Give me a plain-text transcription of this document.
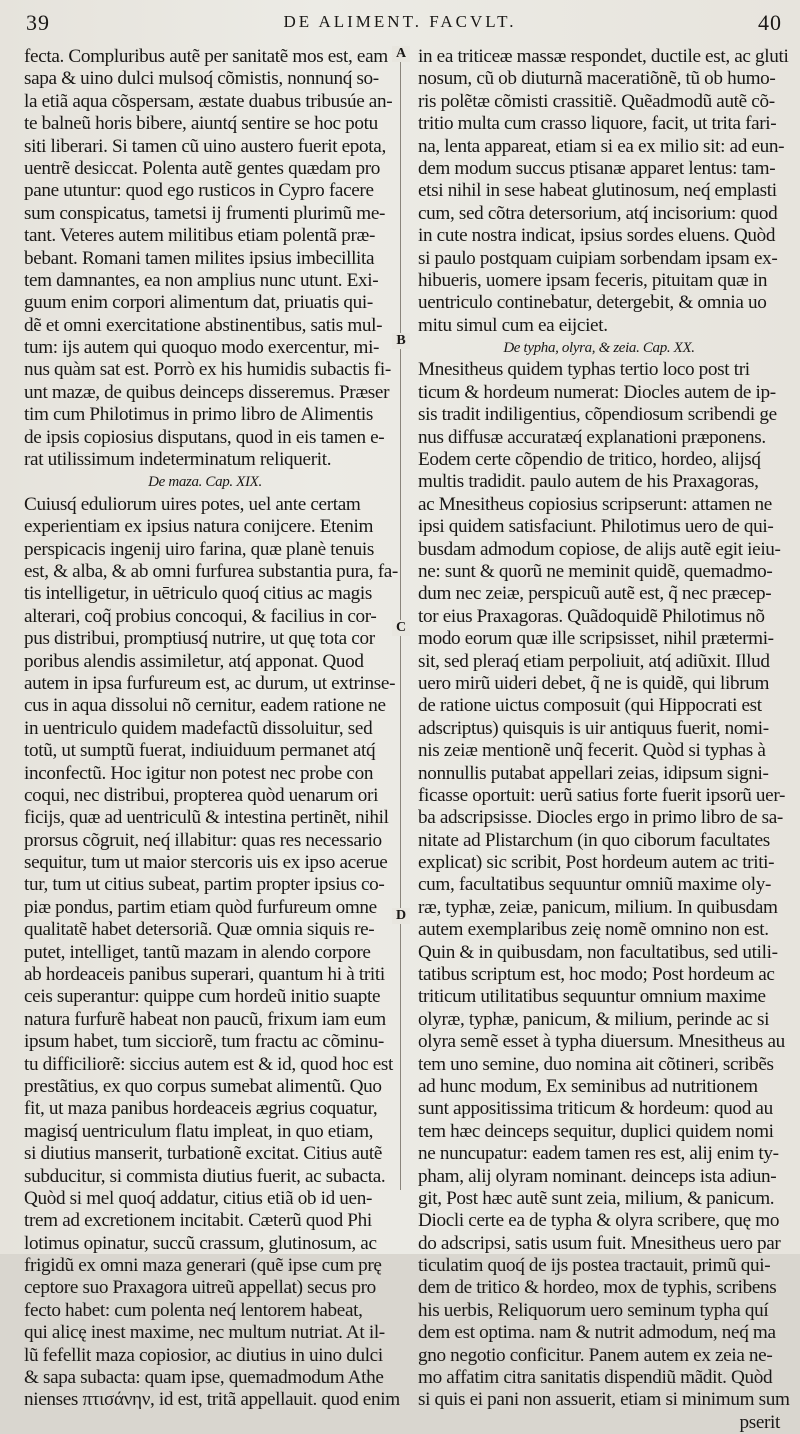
39	DE ALIMENT. FACVLT.	40
A
B
C
D
fecta. Compluribus autẽ per sanitatẽ mos est, eam
sapa & uino dulci mulsoq́ cõmistis, nonnunq́ so-
la etiã aqua cõspersam, æstate duabus tribusúe an-
te balneũ horis bibere, aiuntq́ sentire se hoc potu
siti liberari. Si tamen cũ uino austero fuerit epota,
uentrẽ desiccat. Polenta autẽ gentes quædam pro
pane utuntur: quod ego rusticos in Cypro facere
sum conspicatus, tametsi ij frumenti plurimũ me-
tant. Veteres autem militibus etiam polentã præ-
bebant. Romani tamen milites ipsius imbecillita
tem damnantes, ea non amplius nunc utunt. Exi-
guum enim corpori alimentum dat, priuatis qui-
dẽ et omni exercitatione abstinentibus, satis mul-
tum: ijs autem qui quoquo modo exercentur, mi-
nus quàm sat est. Porrò ex his humidis subactis fi-
unt mazæ, de quibus deinceps disseremus. Præser
tim cum Philotimus in primo libro de Alimentis
de ipsis copiosius disputans, quod in eis tamen e-
rat utilissimum indeterminatum reliquerit.
De maza. Cap. XIX.
Cuiusq́ eduliorum uires potes, uel ante certam
experientiam ex ipsius natura conijcere. Etenim
perspicacis ingenij uiro farina, quæ planè tenuis
est, & alba, & ab omni furfurea substantia pura, fa-
tis intelligetur, in uētriculo quoq́ citius ac magis
alterari, coq̃ probius concoqui, & facilius in cor-
pus distribui, promptiusq́ nutrire, ut quę tota cor
poribus alendis assimiletur, atq́ apponat. Quod
autem in ipsa furfureum est, ac durum, ut extrinse-
cus in aqua dissolui nõ cernitur, eadem ratione ne
in uentriculo quidem madefactũ dissoluitur, sed
totũ, ut sumptũ fuerat, indiuiduum permanet atq́
inconfectũ. Hoc igitur non potest nec probe con
coqui, nec distribui, propterea quòd uenarum ori
ficijs, quæ ad uentriculũ & intestina pertinẽt, nihil
prorsus cõgruit, neq́ illabitur: quas res necessario
sequitur, tum ut maior stercoris uis ex ipso acerue
tur, tum ut citius subeat, partim propter ipsius co-
piæ pondus, partim etiam quòd furfureum omne
qualitatẽ habet detersoriã. Quæ omnia siquis re-
putet, intelliget, tantũ mazam in alendo corpore
ab hordeaceis panibus superari, quantum hi à triti
ceis superantur: quippe cum hordeũ initio suapte
natura furfurẽ habeat non paucũ, frixum iam eum
ipsum habet, tum sicciorẽ, tum fractu ac cõminu-
tu difficiliorẽ: siccius autem est & id, quod hoc est
prestãtius, ex quo corpus sumebat alimentũ. Quo
fit, ut maza panibus hordeaceis ægrius coquatur,
magisq́ uentriculum flatu impleat, in quo etiam,
si diutius manserit, turbationẽ excitat. Citius autẽ
subducitur, si commista diutius fuerit, ac subacta.
Quòd si mel quoq́ addatur, citius etiã ob id uen-
trem ad excretionem incitabit. Cæterũ quod Phi
lotimus opinatur, succũ crassum, glutinosum, ac
frigidũ ex omni maza generari (quẽ ipse cum prę
ceptore suo Praxagora uitreũ appellat) secus pro
fecto habet: cum polenta neq́ lentorem habeat,
qui alicę inest maxime, nec multum nutriat. At il-
lũ fefellit maza copiosior, ac diutius in uino dulci
& sapa subacta: quam ipse, quemadmodum Athe
nienses πτισάνην, id est, tritã appellauit. quod enim
in ea triticeæ massæ respondet, ductile est, ac gluti
nosum, cũ ob diuturnã maceratiõnẽ, tũ ob humo-
ris polẽtæ cõmisti crassitiẽ. Quẽadmodũ autẽ cõ-
tritio multa cum crasso liquore, facit, ut trita fari-
na, lenta appareat, etiam si ea ex milio sit: ad eun-
dem modum succus ptisanæ apparet lentus: tam-
etsi nihil in sese habeat glutinosum, neq́ emplasti
cum, sed cõtra detersorium, atq́ incisorium: quod
in cute nostra indicat, ipsius sordes eluens. Quòd
si paulo postquam cuipiam sorbendam ipsam ex-
hibueris, uomere ipsam feceris, pituitam quæ in
uentriculo continebatur, detergebit, & omnia uo
mitu simul cum ea eijciet.
De typha, olyra, & zeia. Cap. XX.
Mnesitheus quidem typhas tertio loco post tri
ticum & hordeum numerat: Diocles autem de ip-
sis tradit indiligentius, cõpendiosum scribendi ge
nus diffusæ accuratæq́ explanationi præponens.
Eodem certe cõpendio de tritico, hordeo, alijsq́
multis tradidit. paulo autem de his Praxagoras,
ac Mnesitheus copiosius scripserunt: attamen ne
ipsi quidem satisfaciunt. Philotimus uero de qui-
busdam admodum copiose, de alijs autẽ egit ieiu-
ne: sunt & quorũ ne meminit quidẽ, quemadmo-
dum nec zeiæ, perspicuũ autẽ est, q̃ nec præcep-
tor eius Praxagoras. Quãdoquidẽ Philotimus nõ
modo eorum quæ ille scripsisset, nihil prætermi-
sit, sed pleraq́ etiam perpoliuit, atq́ adiũxit. Illud
uero mirũ uideri debet, q̃ ne is quidẽ, qui librum
de ratione uictus composuit (qui Hippocrati est
adscriptus) quisquis is uir antiquus fuerit, nomi-
nis zeiæ mentionẽ unq̃ fecerit. Quòd si typhas à
nonnullis putabat appellari zeias, idipsum signi-
ficasse oportuit: uerũ satius forte fuerit ipsorũ uer-
ba adscripsisse. Diocles ergo in primo libro de sa-
nitate ad Plistarchum (in quo ciborum facultates
explicat) sic scribit, Post hordeum autem ac triti-
cum, facultatibus sequuntur omniũ maxime oly-
ræ, typhæ, zeiæ, panicum, milium. In quibusdam
autem exemplaribus zeię nomẽ omnino non est.
Quin & in quibusdam, non facultatibus, sed utili-
tatibus scriptum est, hoc modo; Post hordeum ac
triticum utilitatibus sequuntur omnium maxime
olyræ, typhæ, panicum, & milium, perinde ac si
olyra semẽ esset à typha diuersum. Mnesitheus au
tem uno semine, duo nomina ait cõtineri, scribẽs
ad hunc modum, Ex seminibus ad nutritionem
sunt appositissima triticum & hordeum: quod au
tem hæc deinceps sequitur, duplici quidem nomi
ne nuncupatur: eadem tamen res est, alij enim ty-
pham, alij olyram nominant. deinceps ista adiun-
git, Post hæc autẽ sunt zeia, milium, & panicum.
Diocli certe ea de typha & olyra scribere, quę mo
do adscripsi, satis usum fuit. Mnesitheus uero par
ticulatim quoq́ de ijs postea tractauit, primũ qui-
dem de tritico & hordeo, mox de typhis, scribens
his uerbis, Reliquorum uero seminum typha quí
dem est optima. nam & nutrit admodum, neq́ ma
gno negotio conficitur. Panem autem ex zeia ne-
mo affatim citra sanitatis dispendiũ mãdit. Quòd
si quis ei pani non assuerit, etiam si minimum sum
pserit
